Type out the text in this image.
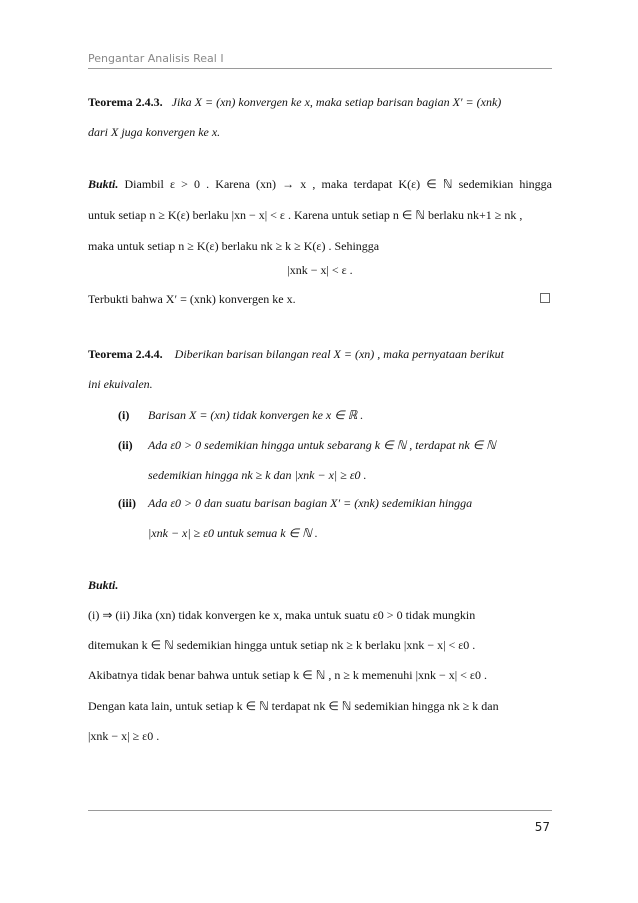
Pengantar Analisis Real I
Teorema 2.4.3. Jika X = (xn) konvergen ke x, maka setiap barisan bagian X′ = (xnk)
dari X juga konvergen ke x.
Bukti. Diambil ε > 0 . Karena (xn) → x , maka terdapat K(ε) ∈ ℕ sedemikian hingga
untuk setiap n ≥ K(ε) berlaku |xn − x| < ε . Karena untuk setiap n ∈ ℕ berlaku nk+1 ≥ nk ,
maka untuk setiap n ≥ K(ε) berlaku nk ≥ k ≥ K(ε) . Sehingga
|xnk − x| < ε .
Terbukti bahwa X′ = (xnk) konvergen ke x.
Teorema 2.4.4. Diberikan barisan bilangan real X = (xn) , maka pernyataan berikut
ini ekuivalen.
(i) Barisan X = (xn) tidak konvergen ke x ∈ ℝ .
(ii) Ada ε0 > 0 sedemikian hingga untuk sebarang k ∈ ℕ , terdapat nk ∈ ℕ
sedemikian hingga nk ≥ k dan |xnk − x| ≥ ε0 .
(iii) Ada ε0 > 0 dan suatu barisan bagian X′ = (xnk) sedemikian hingga
|xnk − x| ≥ ε0 untuk semua k ∈ ℕ .
Bukti.
(i) ⇒ (ii) Jika (xn) tidak konvergen ke x, maka untuk suatu ε0 > 0 tidak mungkin
ditemukan k ∈ ℕ sedemikian hingga untuk setiap nk ≥ k berlaku |xnk − x| < ε0 .
Akibatnya tidak benar bahwa untuk setiap k ∈ ℕ , n ≥ k memenuhi |xnk − x| < ε0 .
Dengan kata lain, untuk setiap k ∈ ℕ terdapat nk ∈ ℕ sedemikian hingga nk ≥ k dan
|xnk − x| ≥ ε0 .
57
